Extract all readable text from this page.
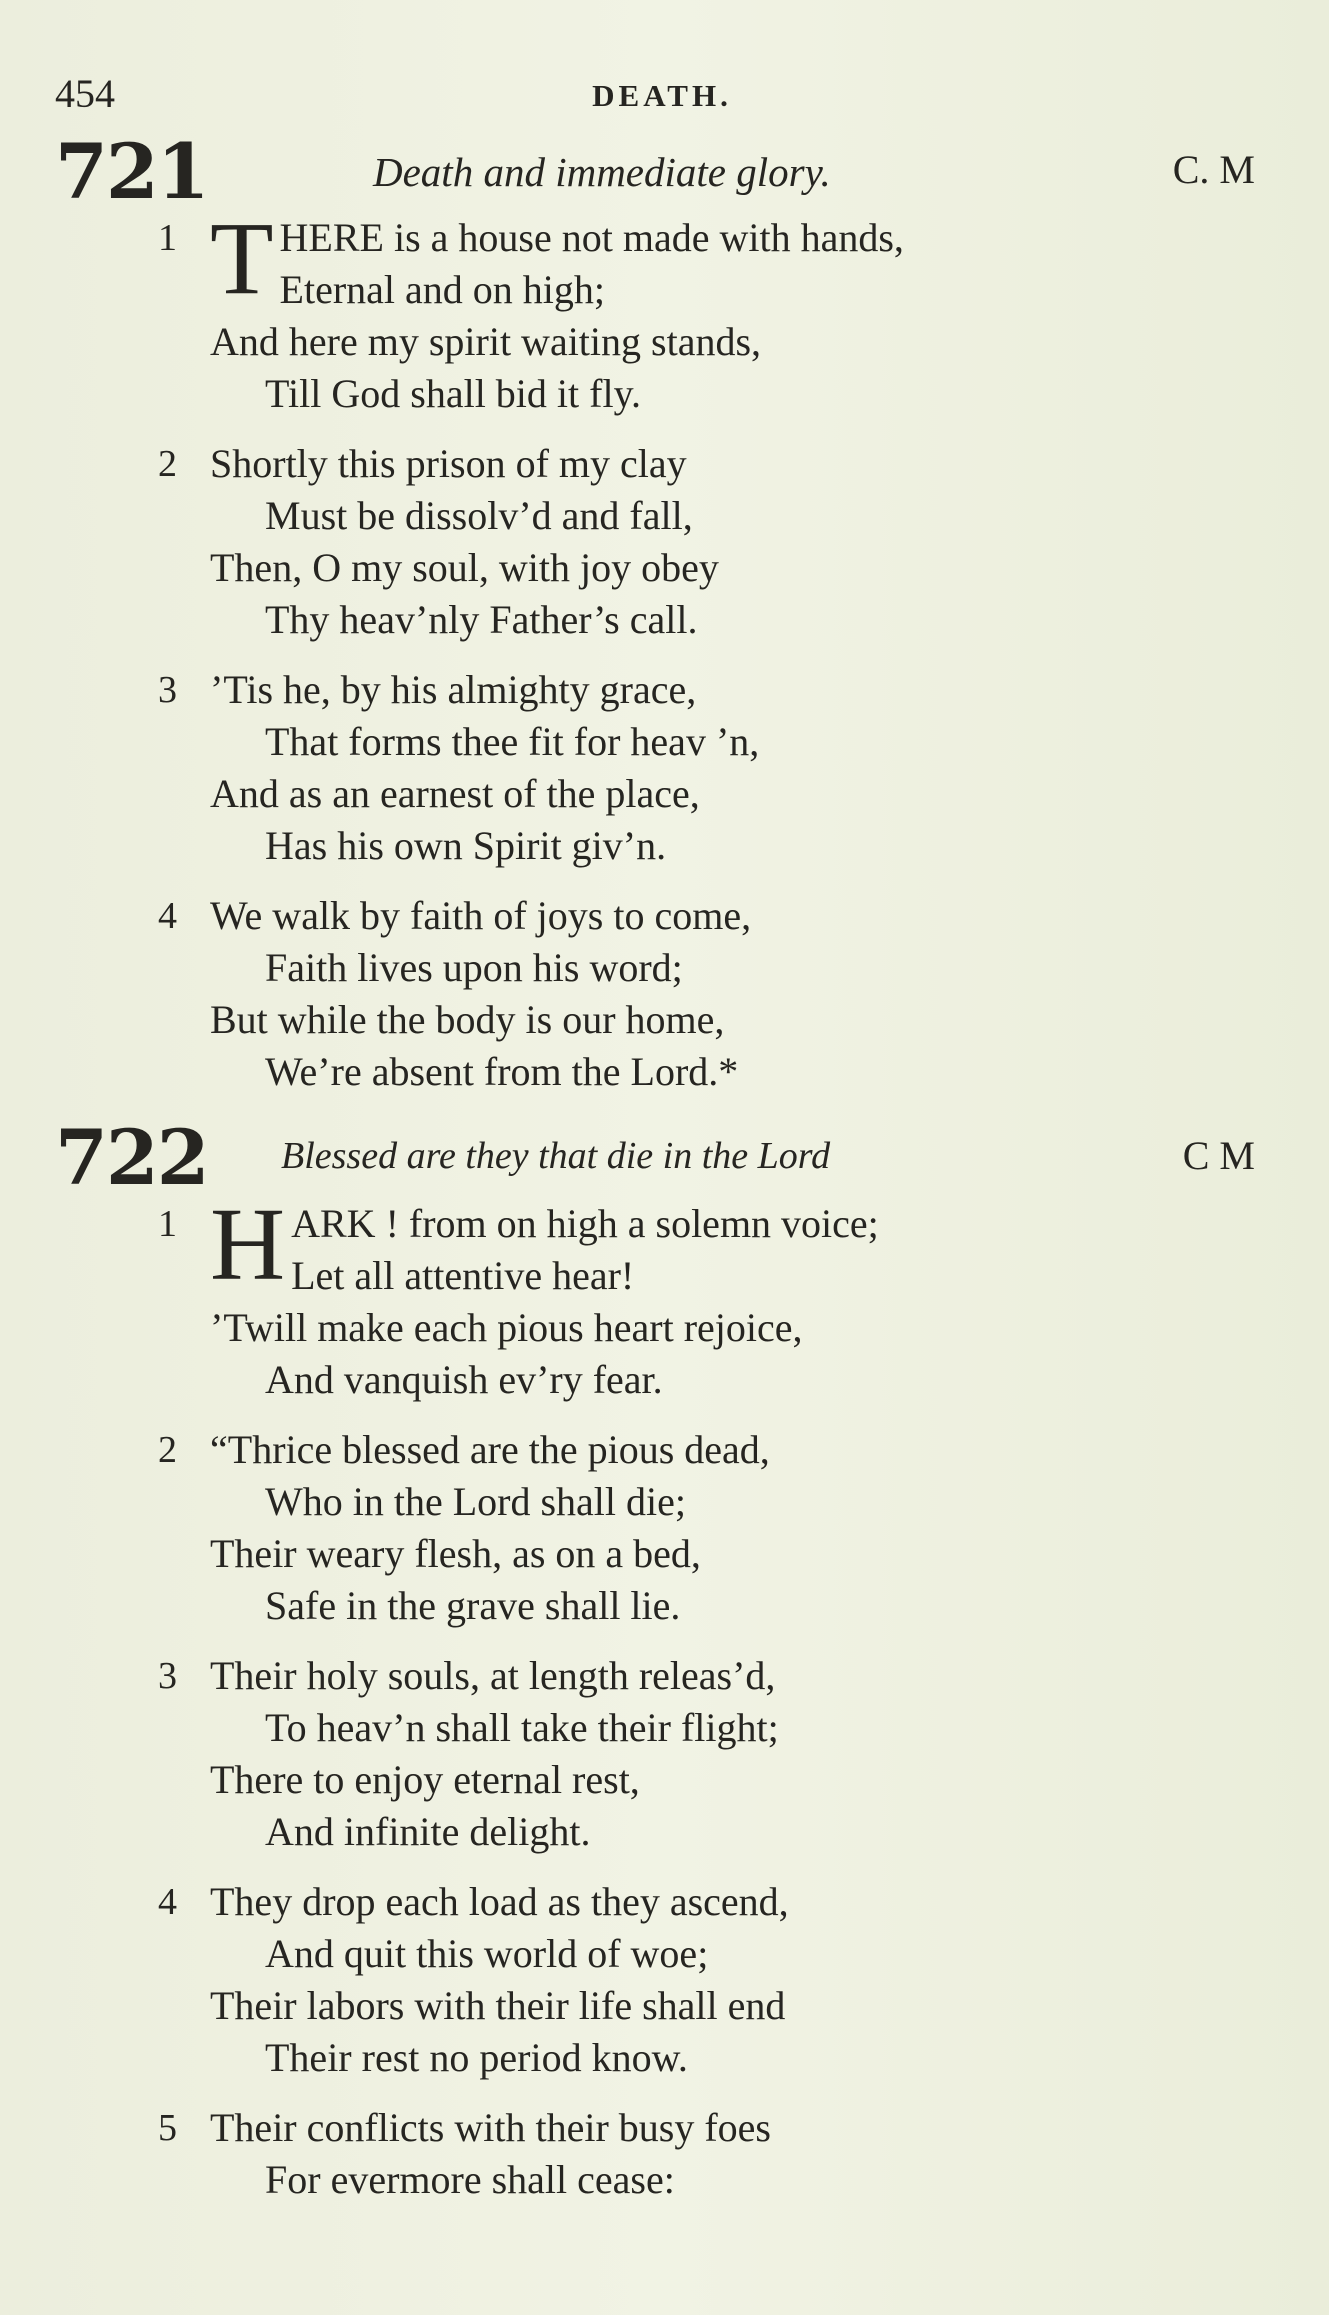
454	DEATH.
721	Death and immediate glory.	C. M
1 T HERE is a house not made with hands,
Eternal and on high;
And here my spirit waiting stands,
Till God shall bid it fly.
2 Shortly this prison of my clay
Must be dissolv’d and fall,
Then, O my soul, with joy obey
Thy heav’nly Father’s call.
3 ’Tis he, by his almighty grace,
That forms thee fit for heav ’n,
And as an earnest of the place,
Has his own Spirit giv’n.
4 We walk by faith of joys to come,
Faith lives upon his word;
But while the body is our home,
We’re absent from the Lord.*
722 Blessed are they that die in the Lord	C M
1 H ARK ! from on high a solemn voice;
Let all attentive hear!
’Twill make each pious heart rejoice,
And vanquish ev’ry fear.
2 “Thrice blessed are the pious dead,
Who in the Lord shall die;
Their weary flesh, as on a bed,
Safe in the grave shall lie.
3 Their holy souls, at length releas’d,
To heav’n shall take their flight;
There to enjoy eternal rest,
And infinite delight.
4 They drop each load as they ascend,
And quit this world of woe;
Their labors with their life shall end
Their rest no period know.
5 Their conflicts with their busy foes
For evermore shall cease:
